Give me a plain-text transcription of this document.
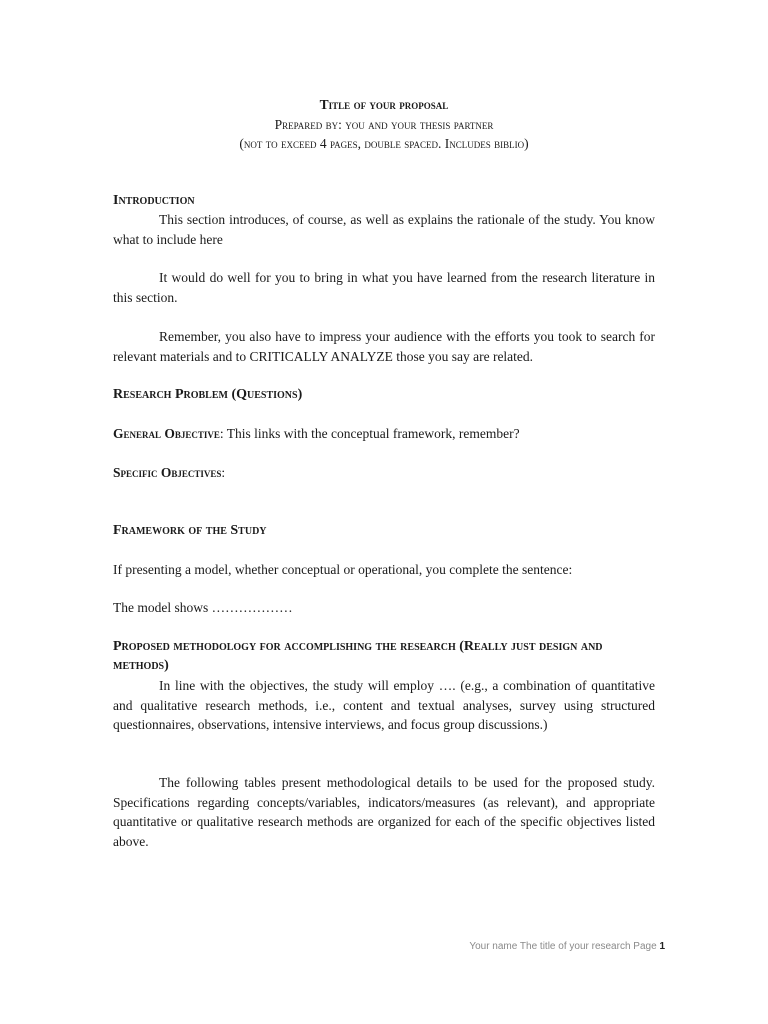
Title of your proposal
Prepared by: you and your thesis partner
(not to exceed 4 pages, double spaced. Includes biblio)
Introduction
This section introduces, of course, as well as explains the rationale of the study. You know what to include here
It would do well for you to bring in what you have learned from the research literature in this section.
Remember, you also have to impress your audience with the efforts you took to search for relevant materials and to CRITICALLY ANALYZE those you say are related.
Research Problem (Questions)
General Objective: This links with the conceptual framework, remember?
Specific Objectives:
Framework of the Study
If presenting a model, whether conceptual or operational, you complete the sentence:
The model shows ………………
Proposed methodology for accomplishing the research (Really just design and methods)
In line with the objectives, the study will employ …. (e.g., a combination of quantitative and qualitative research methods, i.e., content and textual analyses, survey using structured questionnaires, observations, intensive interviews, and focus group discussions.)
The following tables present methodological details to be used for the proposed study. Specifications regarding concepts/variables, indicators/measures (as relevant), and appropriate quantitative or qualitative research methods are organized for each of the specific objectives listed above.
Your name The title of your research Page 1
